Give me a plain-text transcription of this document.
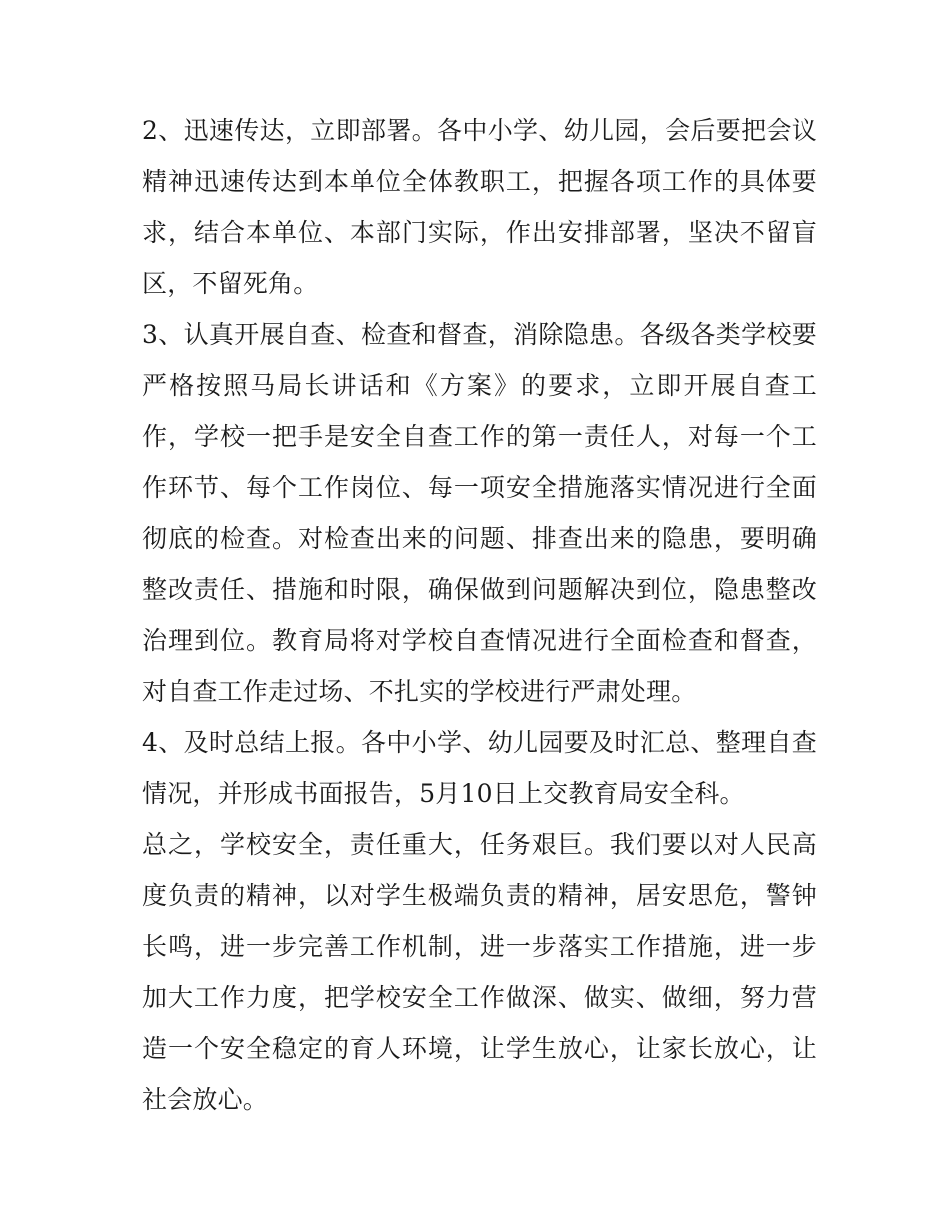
2、迅速传达，立即部署。各中小学、幼儿园，会后要把会议精神迅速传达到本单位全体教职工，把握各项工作的具体要求，结合本单位、本部门实际，作出安排部署，坚决不留盲区，不留死角。

3、认真开展自查、检查和督查，消除隐患。各级各类学校要严格按照马局长讲话和《方案》的要求，立即开展自查工作，学校一把手是安全自查工作的第一责任人，对每一个工作环节、每个工作岗位、每一项安全措施落实情况进行全面彻底的检查。对检查出来的问题、排查出来的隐患，要明确整改责任、措施和时限，确保做到问题解决到位，隐患整改治理到位。教育局将对学校自查情况进行全面检查和督查，对自查工作走过场、不扎实的学校进行严肃处理。

4、及时总结上报。各中小学、幼儿园要及时汇总、整理自查情况，并形成书面报告，5月10日上交教育局安全科。

总之，学校安全，责任重大，任务艰巨。我们要以对人民高度负责的精神，以对学生极端负责的精神，居安思危，警钟长鸣，进一步完善工作机制，进一步落实工作措施，进一步加大工作力度，把学校安全工作做深、做实、做细，努力营造一个安全稳定的育人环境，让学生放心，让家长放心，让社会放心。
